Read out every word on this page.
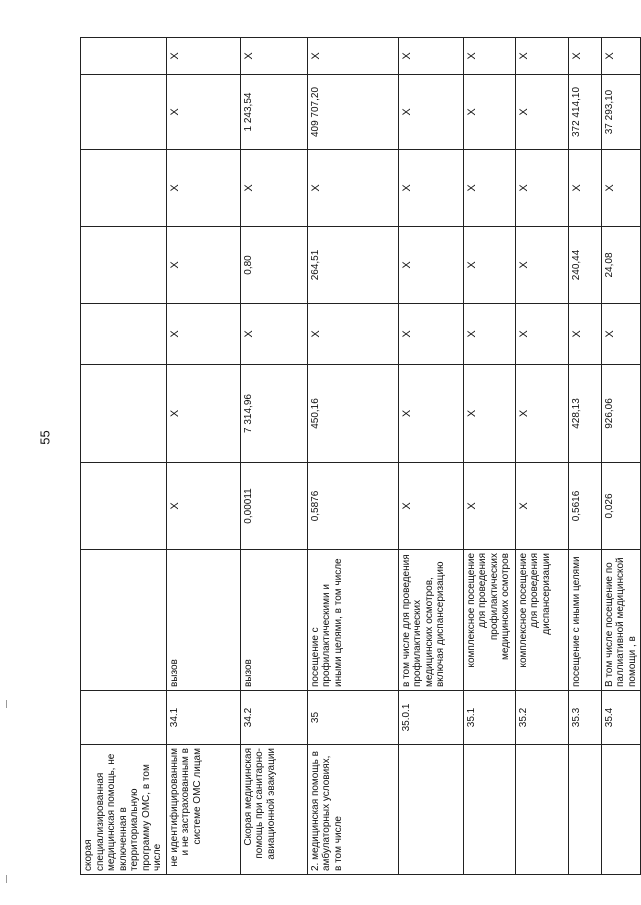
55
скорая специализированная медицинская помощь, не включенная в территориальную программу ОМС, в том числе									
не идентифицированным и не застрахованным в системе ОМС лицам	34.1	вызов	X	X	X	X	X	X	X
Скорая медицинская помощь при санитарно-авиационной эвакуации	34.2	вызов	0,00011	7 314,96	X	0,80	X	1 243,54	X
2. медицинская помощь в амбулаторных условиях, в том числе	35	посещение с профилактическими и иными целями, в том числе	0,5876	450,16	X	264,51	X	409 707,20	X
	35.0.1	в том числе для проведения профилактических медицинских осмотров, включая диспансеризацию	X	X	X	X	X	X	X
	35.1	комплексное посещение для проведения профилактических медицинских осмотров	X	X	X	X	X	X	X
	35.2	комплексное посещение для проведения диспансеризации	X	X	X	X	X	X	X
	35.3	посещение с иными целями	0,5616	428,13	X	240,44	X	372 414,10	X
	35.4	В том числе посещение по паллиативной медицинской помощи , в	0,026	926,06	X	24,08	X	37 293,10	X
